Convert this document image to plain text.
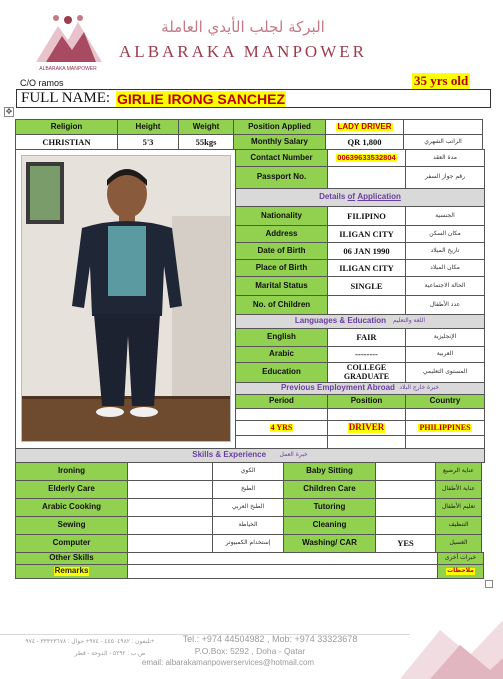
ALBARAKA MANPOWER
البركة لجلب الأيدي العاملة
ALBARAKA MANPOWER
C/O ramos	35 yrs old
FULL NAME: GIRLIE IRONG SANCHEZ
✥
Religion	Height	Weight	Position Applied	LADY DRIVER
CHRISTIAN	5'3	55kgs	Monthly Salary	QR 1,800	الراتب الشهري
Contact Number	00639633532804	مدة العقد
Passport No.	رقم جواز السفر
Details
of
Application
Nationality	FILIPINO	الجنسية
Address	ILIGAN CITY	مكان السكن
Date of Birth	06 JAN 1990	تاريخ الميلاد
Place of Birth	ILIGAN CITY	مكان الميلاد
Marital Status	SINGLE	الحالة الاجتماعية
No. of Children	عدد الأطفال
Languages & Education
اللغة والتعليم
English	FAIR	الإنجليزية
Arabic	--------	العربية
Education	COLLEGE GRADUATE	المستوى التعليمي
Previous Employment Abroad
خبرة خارج البلاد
Period	Position	Country
4 YRS	DRIVER	PHILIPPINES
Skills & Experience
خبرة العمل
Ironing	الكوي	Baby Sitting	عناية الرضيع
Elderly Care	الطبخ	Children Care	عناية الأطفال
Arabic Cooking	الطبخ العربي	Tutoring	تعليم الأطفال
Sewing	الخياطة	Cleaning	التنظيف
Computer	إستخدام الكمبيوتر	Washing/ CAR	YES	الغسيل
Other Skills	خبرات أخرى
Remarks	ملاحظات
تليفون : ٤٤٥٠٤٩٨٢ - ٩٧٤+ جوال : ٣٣٣٢٣٦٧٨ - ٩٧٤+	Tel.: +974 44504982 , Mob: +974 33323678
ص.ب : ٥٢٩٢ - الدوحة - قطر	P.O.Box: 5292 , Doha - Qatar
email: albarakamanpowerservices@hotmail.com
